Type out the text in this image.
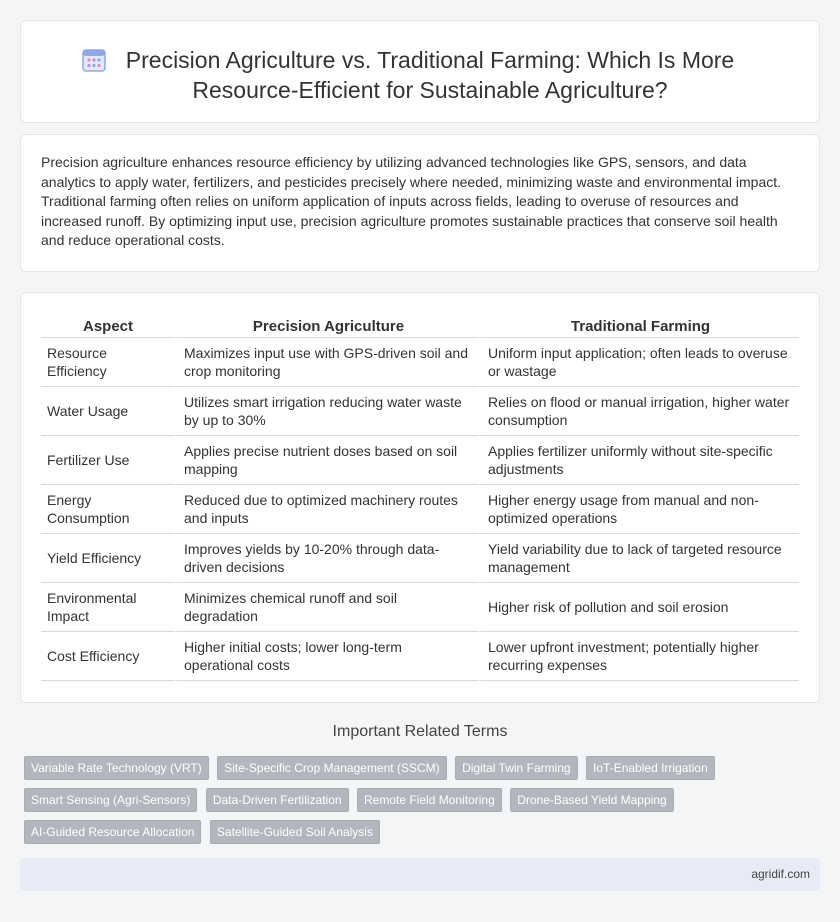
Precision Agriculture vs. Traditional Farming: Which Is More Resource-Efficient for Sustainable Agriculture?

Precision agriculture enhances resource efficiency by utilizing advanced technologies like GPS, sensors, and data analytics to apply water, fertilizers, and pesticides precisely where needed, minimizing waste and environmental impact. Traditional farming often relies on uniform application of inputs across fields, leading to overuse of resources and increased runoff. By optimizing input use, precision agriculture promotes sustainable practices that conserve soil health and reduce operational costs.

Aspect	Precision Agriculture	Traditional Farming
Resource Efficiency	Maximizes input use with GPS-driven soil and crop monitoring	Uniform input application; often leads to overuse or wastage
Water Usage	Utilizes smart irrigation reducing water waste by up to 30%	Relies on flood or manual irrigation, higher water consumption
Fertilizer Use	Applies precise nutrient doses based on soil mapping	Applies fertilizer uniformly without site-specific adjustments
Energy Consumption	Reduced due to optimized machinery routes and inputs	Higher energy usage from manual and non-optimized operations
Yield Efficiency	Improves yields by 10-20% through data-driven decisions	Yield variability due to lack of targeted resource management
Environmental Impact	Minimizes chemical runoff and soil degradation	Higher risk of pollution and soil erosion
Cost Efficiency	Higher initial costs; lower long-term operational costs	Lower upfront investment; potentially higher recurring expenses
Important Related Terms
Variable Rate Technology (VRT) Site-Specific Crop Management (SSCM) Digital Twin Farming IoT-Enabled Irrigation Smart Sensing (Agri-Sensors) Data-Driven Fertilization Remote Field Monitoring Drone-Based Yield Mapping AI-Guided Resource Allocation Satellite-Guided Soil Analysis
agridif.com
